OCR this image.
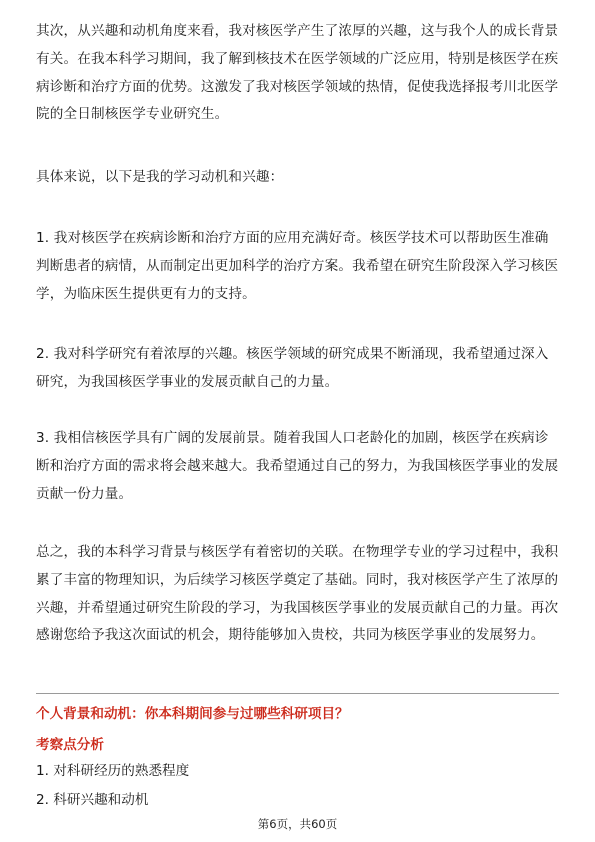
其次，从兴趣和动机角度来看，我对核医学产生了浓厚的兴趣，这与我个人的成长背景有关。在我本科学习期间，我了解到核技术在医学领域的广泛应用，特别是核医学在疾病诊断和治疗方面的优势。这激发了我对核医学领域的热情，促使我选择报考川北医学院的全日制核医学专业研究生。

具体来说，以下是我的学习动机和兴趣：

1. 我对核医学在疾病诊断和治疗方面的应用充满好奇。核医学技术可以帮助医生准确判断患者的病情，从而制定出更加科学的治疗方案。我希望在研究生阶段深入学习核医学，为临床医生提供更有力的支持。

2. 我对科学研究有着浓厚的兴趣。核医学领域的研究成果不断涌现，我希望通过深入研究，为我国核医学事业的发展贡献自己的力量。

3. 我相信核医学具有广阔的发展前景。随着我国人口老龄化的加剧，核医学在疾病诊断和治疗方面的需求将会越来越大。我希望通过自己的努力，为我国核医学事业的发展贡献一份力量。

总之，我的本科学习背景与核医学有着密切的关联。在物理学专业的学习过程中，我积累了丰富的物理知识，为后续学习核医学奠定了基础。同时，我对核医学产生了浓厚的兴趣，并希望通过研究生阶段的学习，为我国核医学事业的发展贡献自己的力量。再次感谢您给予我这次面试的机会，期待能够加入贵校，共同为核医学事业的发展努力。

个人背景和动机：你本科期间参与过哪些科研项目？
考察点分析
1. 对科研经历的熟悉程度
2. 科研兴趣和动机
第6页，共60页
